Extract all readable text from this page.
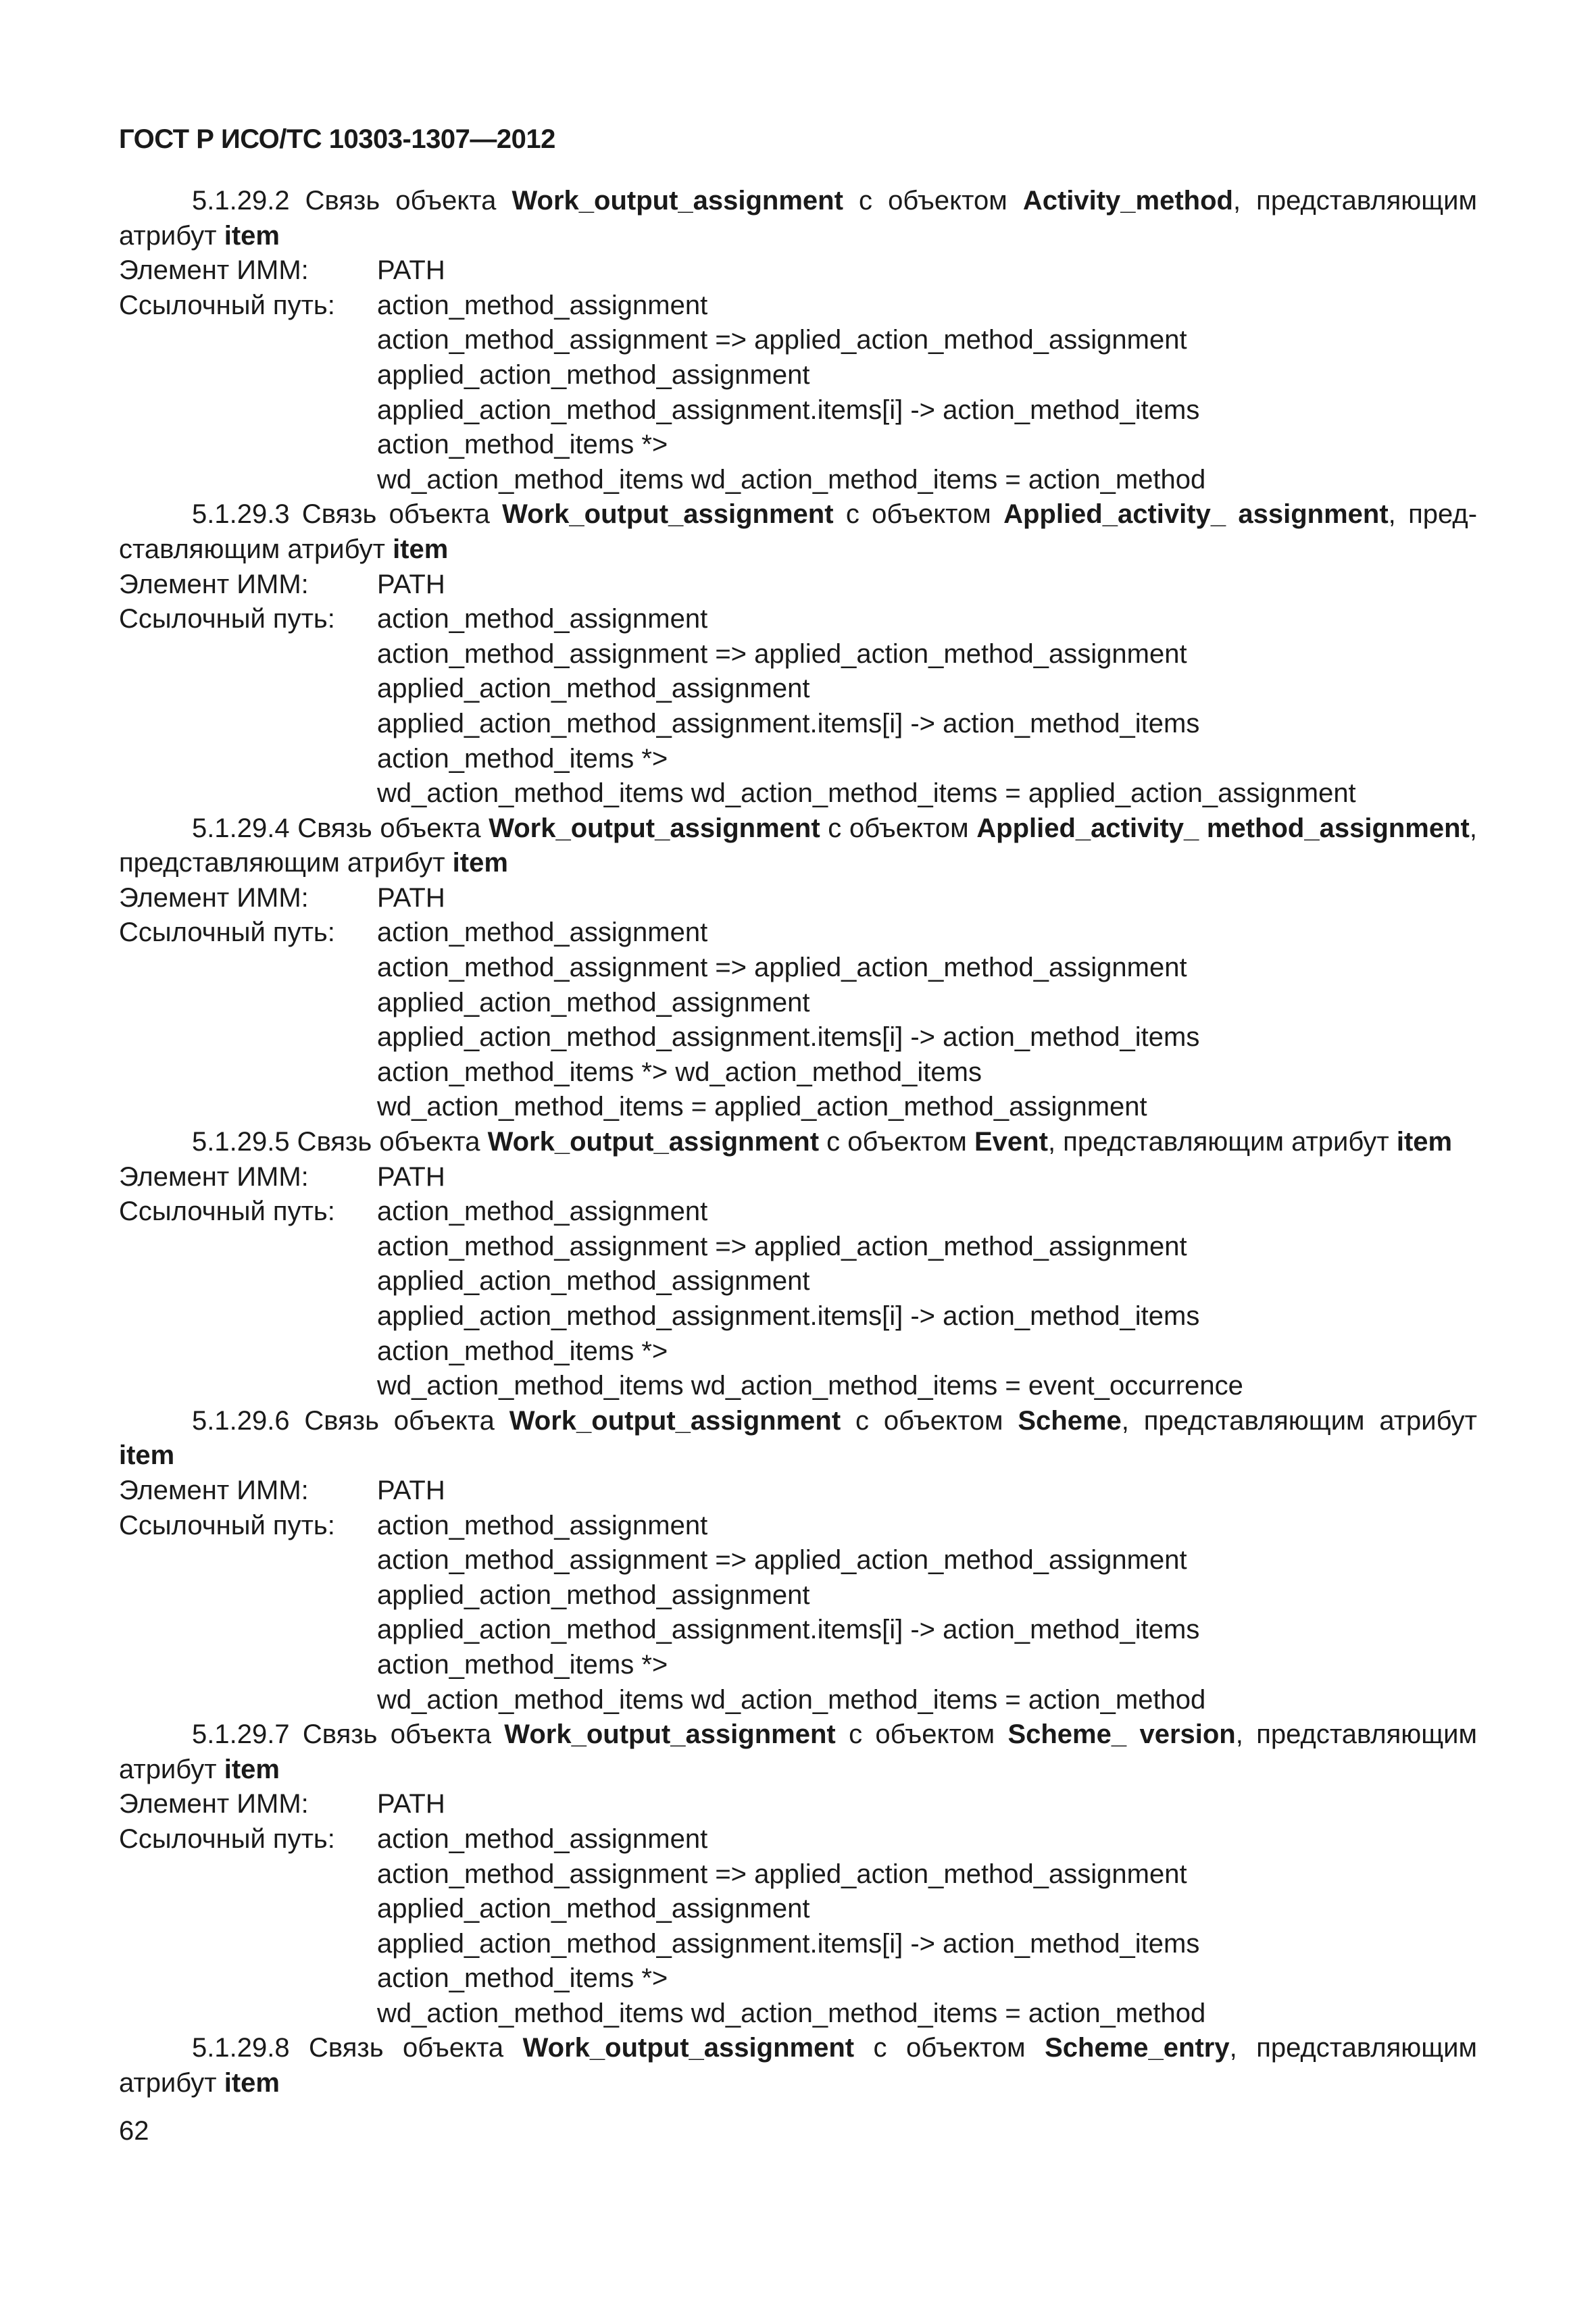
ГОСТ Р ИСО/ТС 10303-1307—2012

5.1.29.2 Связь объекта Work_output_assignment с объектом Activity_method, представляющим атрибут item

Элемент ИММ:	PATH
Ссылочный путь:	action_method_assignment
action_method_assignment => applied_action_method_assignment
applied_action_method_assignment
applied_action_method_assignment.items[i] -> action_method_items
action_method_items *>
wd_action_method_items wd_action_method_items = action_method

5.1.29.3 Связь объекта Work_output_assignment с объектом Applied_activity_ assignment, представляющим атрибут item

Элемент ИММ:	PATH
Ссылочный путь:	action_method_assignment
action_method_assignment => applied_action_method_assignment
applied_action_method_assignment
applied_action_method_assignment.items[i] -> action_method_items
action_method_items *>
wd_action_method_items wd_action_method_items = applied_action_assignment

5.1.29.4 Связь объекта Work_output_assignment с объектом Applied_activity_ method_assignment, представляющим атрибут item

Элемент ИММ:	PATH
Ссылочный путь:	action_method_assignment
action_method_assignment => applied_action_method_assignment
applied_action_method_assignment
applied_action_method_assignment.items[i] -> action_method_items
action_method_items *> wd_action_method_items
wd_action_method_items = applied_action_method_assignment

5.1.29.5 Связь объекта Work_output_assignment с объектом Event, представляющим атрибут item

Элемент ИММ:	PATH
Ссылочный путь:	action_method_assignment
action_method_assignment => applied_action_method_assignment
applied_action_method_assignment
applied_action_method_assignment.items[i] -> action_method_items
action_method_items *>
wd_action_method_items wd_action_method_items = event_occurrence

5.1.29.6 Связь объекта Work_output_assignment с объектом Scheme, представляющим атрибут item

Элемент ИММ:	PATH
Ссылочный путь:	action_method_assignment
action_method_assignment => applied_action_method_assignment
applied_action_method_assignment
applied_action_method_assignment.items[i] -> action_method_items
action_method_items *>
wd_action_method_items wd_action_method_items = action_method

5.1.29.7 Связь объекта Work_output_assignment с объектом Scheme_ version, представляющим атрибут item

Элемент ИММ:	PATH
Ссылочный путь:	action_method_assignment
action_method_assignment => applied_action_method_assignment
applied_action_method_assignment
applied_action_method_assignment.items[i] -> action_method_items
action_method_items *>
wd_action_method_items wd_action_method_items = action_method

5.1.29.8 Связь объекта Work_output_assignment с объектом Scheme_entry, представляющим атрибут item

62
